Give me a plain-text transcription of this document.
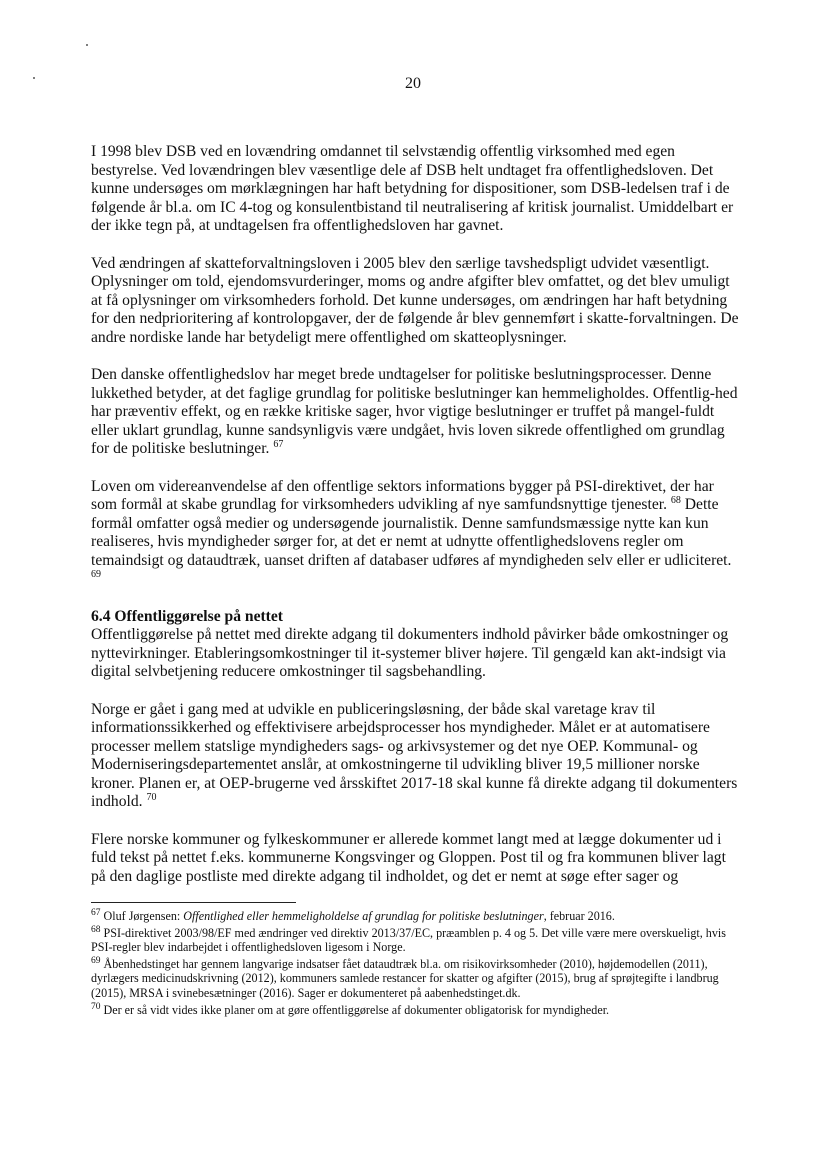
20

I 1998 blev DSB ved en lovændring omdannet til selvstændig offentlig virksomhed med egen bestyrelse. Ved lovændringen blev væsentlige dele af DSB helt undtaget fra offentlighedsloven. Det kunne undersøges om mørklægningen har haft betydning for dispositioner, som DSB-ledelsen traf i de følgende år bl.a. om IC 4-tog og konsulentbistand til neutralisering af kritisk journalist. Umiddelbart er der ikke tegn på, at undtagelsen fra offentlighedsloven har gavnet.

Ved ændringen af skatteforvaltningsloven i 2005 blev den særlige tavshedspligt udvidet væsentligt. Oplysninger om told, ejendomsvurderinger, moms og andre afgifter blev omfattet, og det blev umuligt at få oplysninger om virksomheders forhold. Det kunne undersøges, om ændringen har haft betydning for den nedprioritering af kontrolopgaver, der de følgende år blev gennemført i skatte-forvaltningen. De andre nordiske lande har betydeligt mere offentlighed om skatteoplysninger.

Den danske offentlighedslov har meget brede undtagelser for politiske beslutningsprocesser. Denne lukkethed betyder, at det faglige grundlag for politiske beslutninger kan hemmeligholdes. Offentlig-hed har præventiv effekt, og en række kritiske sager, hvor vigtige beslutninger er truffet på mangel-fuldt eller uklart grundlag, kunne sandsynligvis være undgået, hvis loven sikrede offentlighed om grundlag for de politiske beslutninger. $^{67}$

Loven om videreanvendelse af den offentlige sektors informations bygger på PSI-direktivet, der har som formål at skabe grundlag for virksomheders udvikling af nye samfundsnyttige tjenester. $^{68}$ Dette formål omfatter også medier og undersøgende journalistik. Denne samfundsmæssige nytte kan kun realiseres, hvis myndigheder sørger for, at det er nemt at udnytte offentlighedslovens regler om temaindsigt og dataudtræk, uanset driften af databaser udføres af myndigheden selv eller er udliciteret. $^{69}$

6.4 Offentliggørelse på nettet

Offentliggørelse på nettet med direkte adgang til dokumenters indhold påvirker både omkostninger og nyttevirkninger. Etableringsomkostninger til it-systemer bliver højere. Til gengæld kan akt-indsigt via digital selvbetjening reducere omkostninger til sagsbehandling.

Norge er gået i gang med at udvikle en publiceringsløsning, der både skal varetage krav til informationssikkerhed og effektivisere arbejdsprocesser hos myndigheder. Målet er at automatisere processer mellem statslige myndigheders sags- og arkivsystemer og det nye OEP. Kommunal- og Moderniseringsdepartementet anslår, at omkostningerne til udvikling bliver 19,5 millioner norske kroner. Planen er, at OEP-brugerne ved årsskiftet 2017-18 skal kunne få direkte adgang til dokumenters indhold. $^{70}$

Flere norske kommuner og fylkeskommuner er allerede kommet langt med at lægge dokumenter ud i fuld tekst på nettet f.eks. kommunerne Kongsvinger og Gloppen. Post til og fra kommunen bliver lagt på den daglige postliste med direkte adgang til indholdet, og det er nemt at søge efter sager og

$^{67}$ Oluf Jørgensen: Offentlighed eller hemmeligholdelse af grundlag for politiske beslutninger, februar 2016.

$^{68}$ PSI-direktivet 2003/98/EF med ændringer ved direktiv 2013/37/EC, præamblen p. 4 og 5. Det ville være mere overskueligt, hvis PSI-regler blev indarbejdet i offentlighedsloven ligesom i Norge.

$^{69}$ Åbenhedstinget har gennem langvarige indsatser fået dataudtræk bl.a. om risikovirksomheder (2010), højdemodellen (2011), dyrlægers medicinudskrivning (2012), kommuners samlede restancer for skatter og afgifter (2015), brug af sprøjtegifte i landbrug (2015), MRSA i svinebesætninger (2016). Sager er dokumenteret på aabenhedstinget.dk.

$^{70}$ Der er så vidt vides ikke planer om at gøre offentliggørelse af dokumenter obligatorisk for myndigheder.
